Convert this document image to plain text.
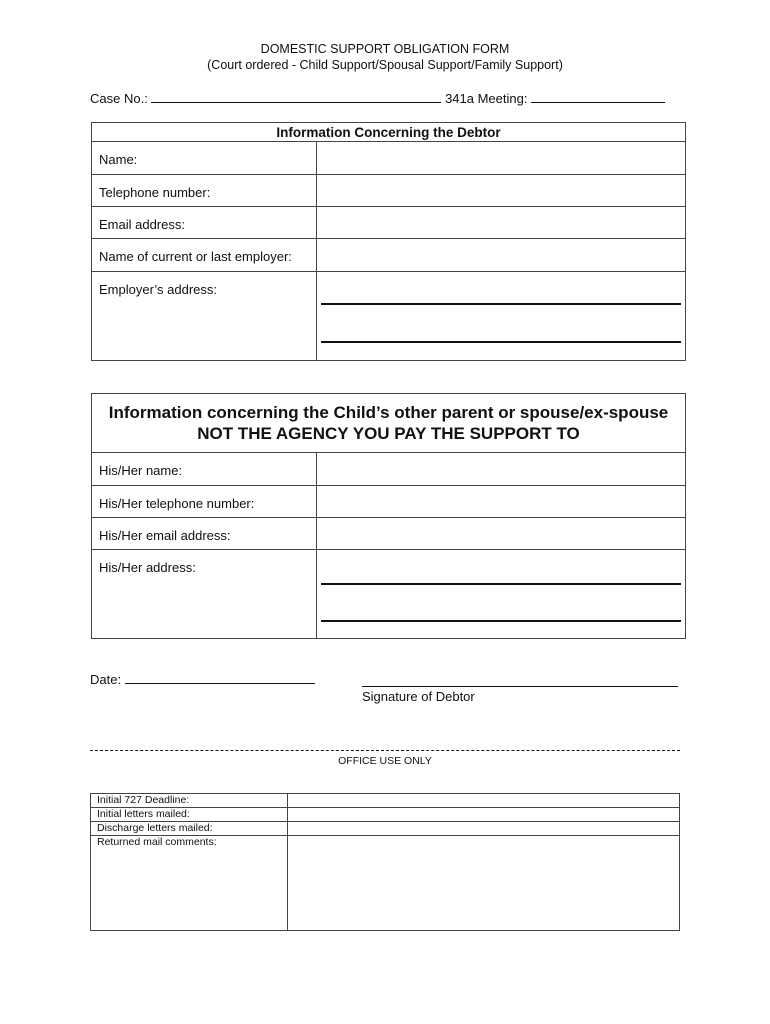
DOMESTIC SUPPORT OBLIGATION FORM
(Court ordered - Child Support/Spousal Support/Family Support)
Case No.:	341a Meeting:
Information Concerning the Debtor	
Name:	
Telephone number:	
Email address:	
Name of current or last employer:	
Employer’s address:	
Information concerning the Child’s other parent or spouse/ex-spouse
NOT THE AGENCY YOU PAY THE SUPPORT TO	

His/Her name:	
His/Her telephone number:	
His/Her email address:	
His/Her address:	
Date:
Signature of Debtor
OFFICE USE ONLY
Initial 727 Deadline:	
Initial letters mailed:	
Discharge letters mailed:	
Returned mail comments:	
